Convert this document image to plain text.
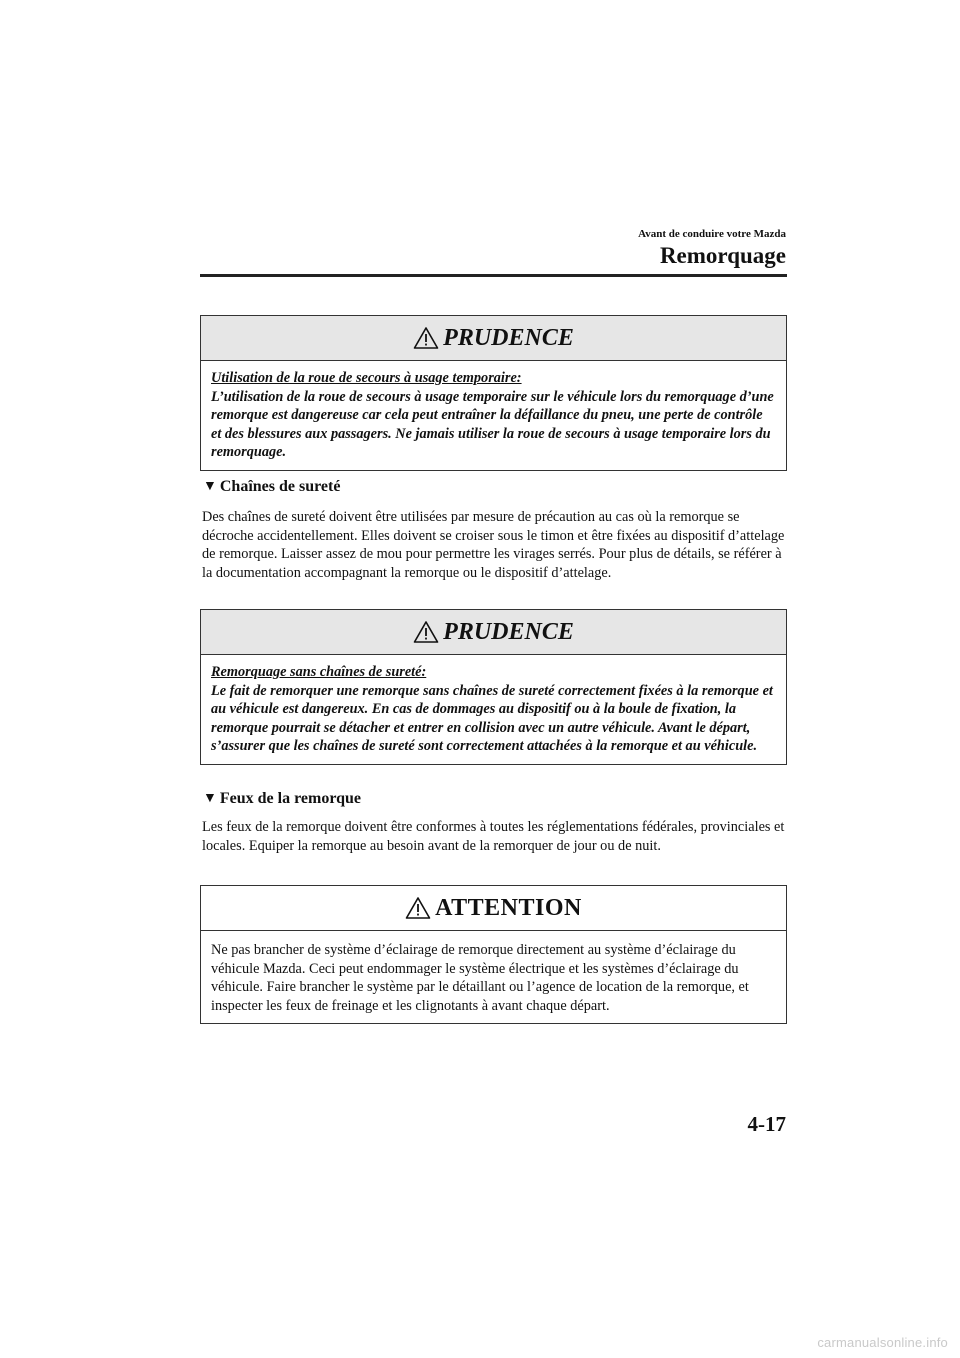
Avant de conduire votre Mazda
Remorquage
PRUDENCE
Utilisation de la roue de secours à usage temporaire:
L’utilisation de la roue de secours à usage temporaire sur le véhicule lors du remorquage d’une remorque est dangereuse car cela peut entraîner la défaillance du pneu, une perte de contrôle et des blessures aux passagers. Ne jamais utiliser la roue de secours à usage temporaire lors du remorquage.
▼ Chaînes de sureté
Des chaînes de sureté doivent être utilisées par mesure de précaution au cas où la remorque se décroche accidentellement. Elles doivent se croiser sous le timon et être fixées au dispositif d’attelage de remorque. Laisser assez de mou pour permettre les virages serrés. Pour plus de détails, se référer à la documentation accompagnant la remorque ou le dispositif d’attelage.
PRUDENCE
Remorquage sans chaînes de sureté:
Le fait de remorquer une remorque sans chaînes de sureté correctement fixées à la remorque et au véhicule est dangereux. En cas de dommages au dispositif ou à la boule de fixation, la remorque pourrait se détacher et entrer en collision avec un autre véhicule. Avant le départ, s’assurer que les chaînes de sureté sont correctement attachées à la remorque et au véhicule.
▼ Feux de la remorque
Les feux de la remorque doivent être conformes à toutes les réglementations fédérales, provinciales et locales. Equiper la remorque au besoin avant de la remorquer de jour ou de nuit.
ATTENTION
Ne pas brancher de système d’éclairage de remorque directement au système d’éclairage du véhicule Mazda. Ceci peut endommager le système électrique et les systèmes d’éclairage du véhicule. Faire brancher le système par le détaillant ou l’agence de location de la remorque, et inspecter les feux de freinage et les clignotants à avant chaque départ.
4-17
carmanualsonline.info
